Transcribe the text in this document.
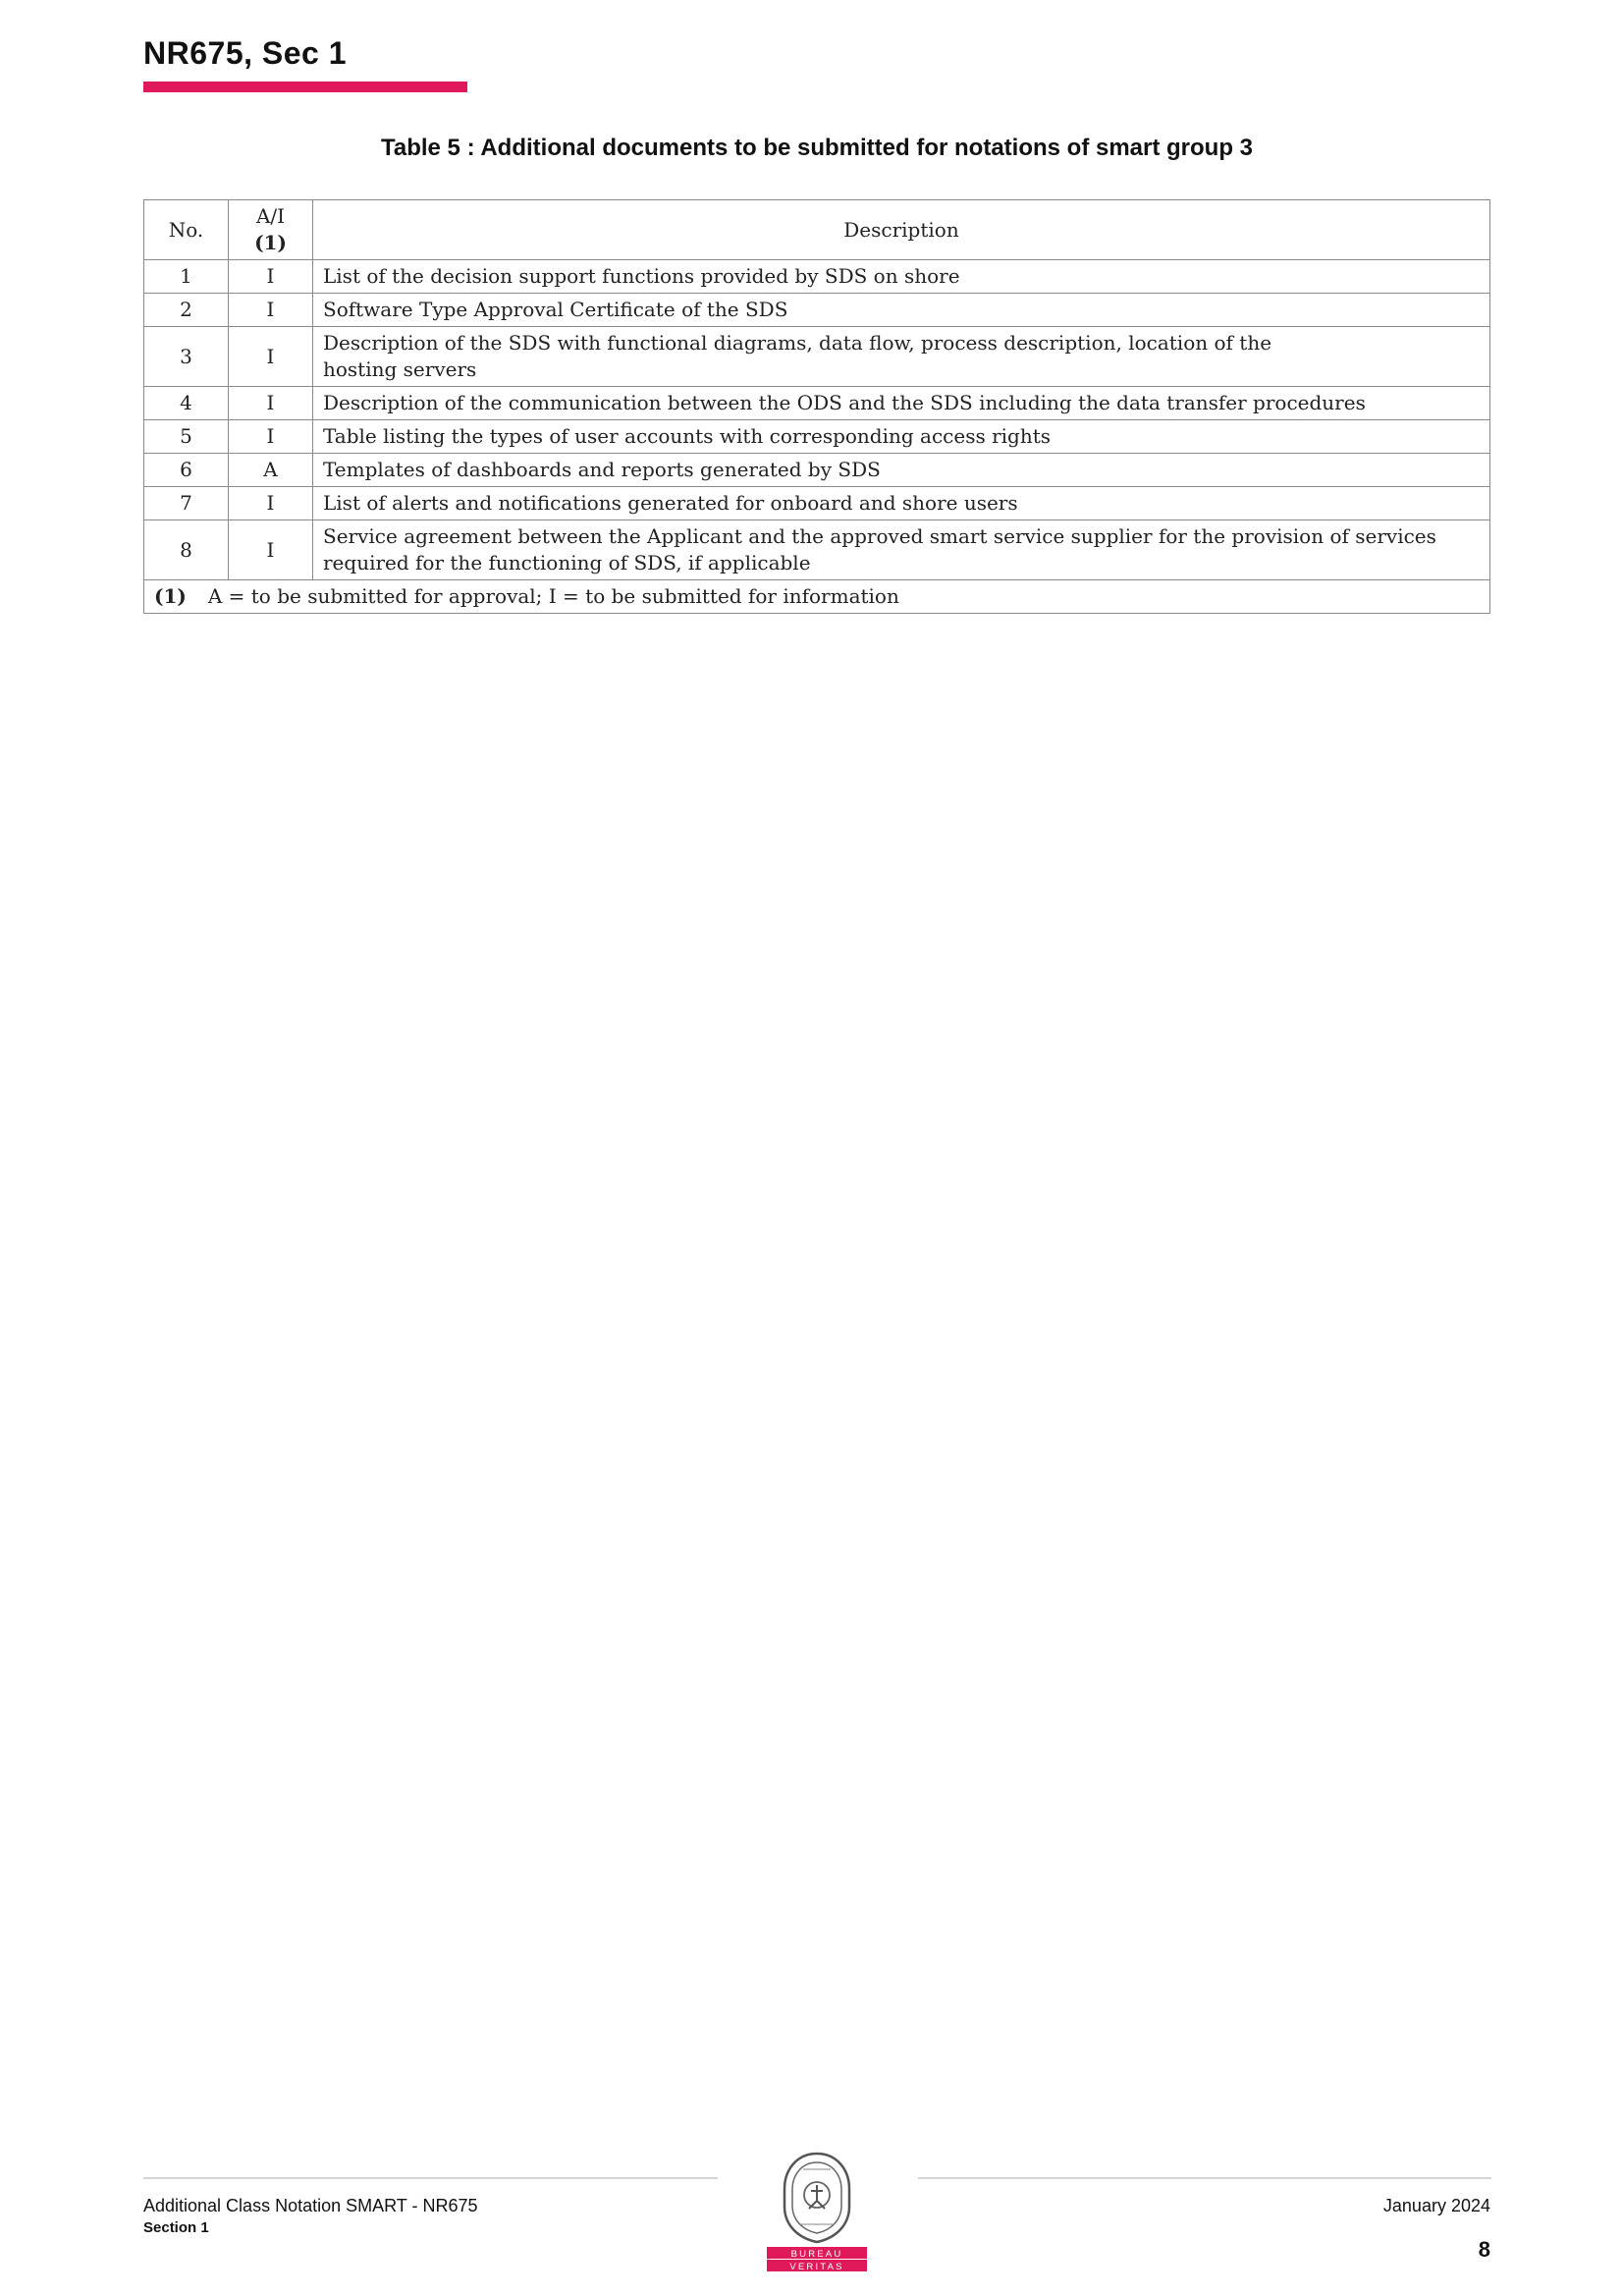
NR675, Sec 1
Table 5 : Additional documents to be submitted for notations of smart group 3
No.	A/I (1)	Description
1	I	List of the decision support functions provided by SDS on shore
2	I	Software Type Approval Certificate of the SDS
3	I	Description of the SDS with functional diagrams, data flow, process description, location of the
hosting servers

4	I	Description of the communication between the ODS and the SDS including the data transfer procedures
5	I	Table listing the types of user accounts with corresponding access rights
6	A	Templates of dashboards and reports generated by SDS
7	I	List of alerts and notifications generated for onboard and shore users
8	I	Service agreement between the Applicant and the approved smart service supplier for the provision of services
required for the functioning of SDS, if applicable

(1) A = to be submitted for approval; I = to be submitted for information		
BUREAU
VERITAS
Additional Class Notation SMART - NR675
Section 1
January 2024
8
